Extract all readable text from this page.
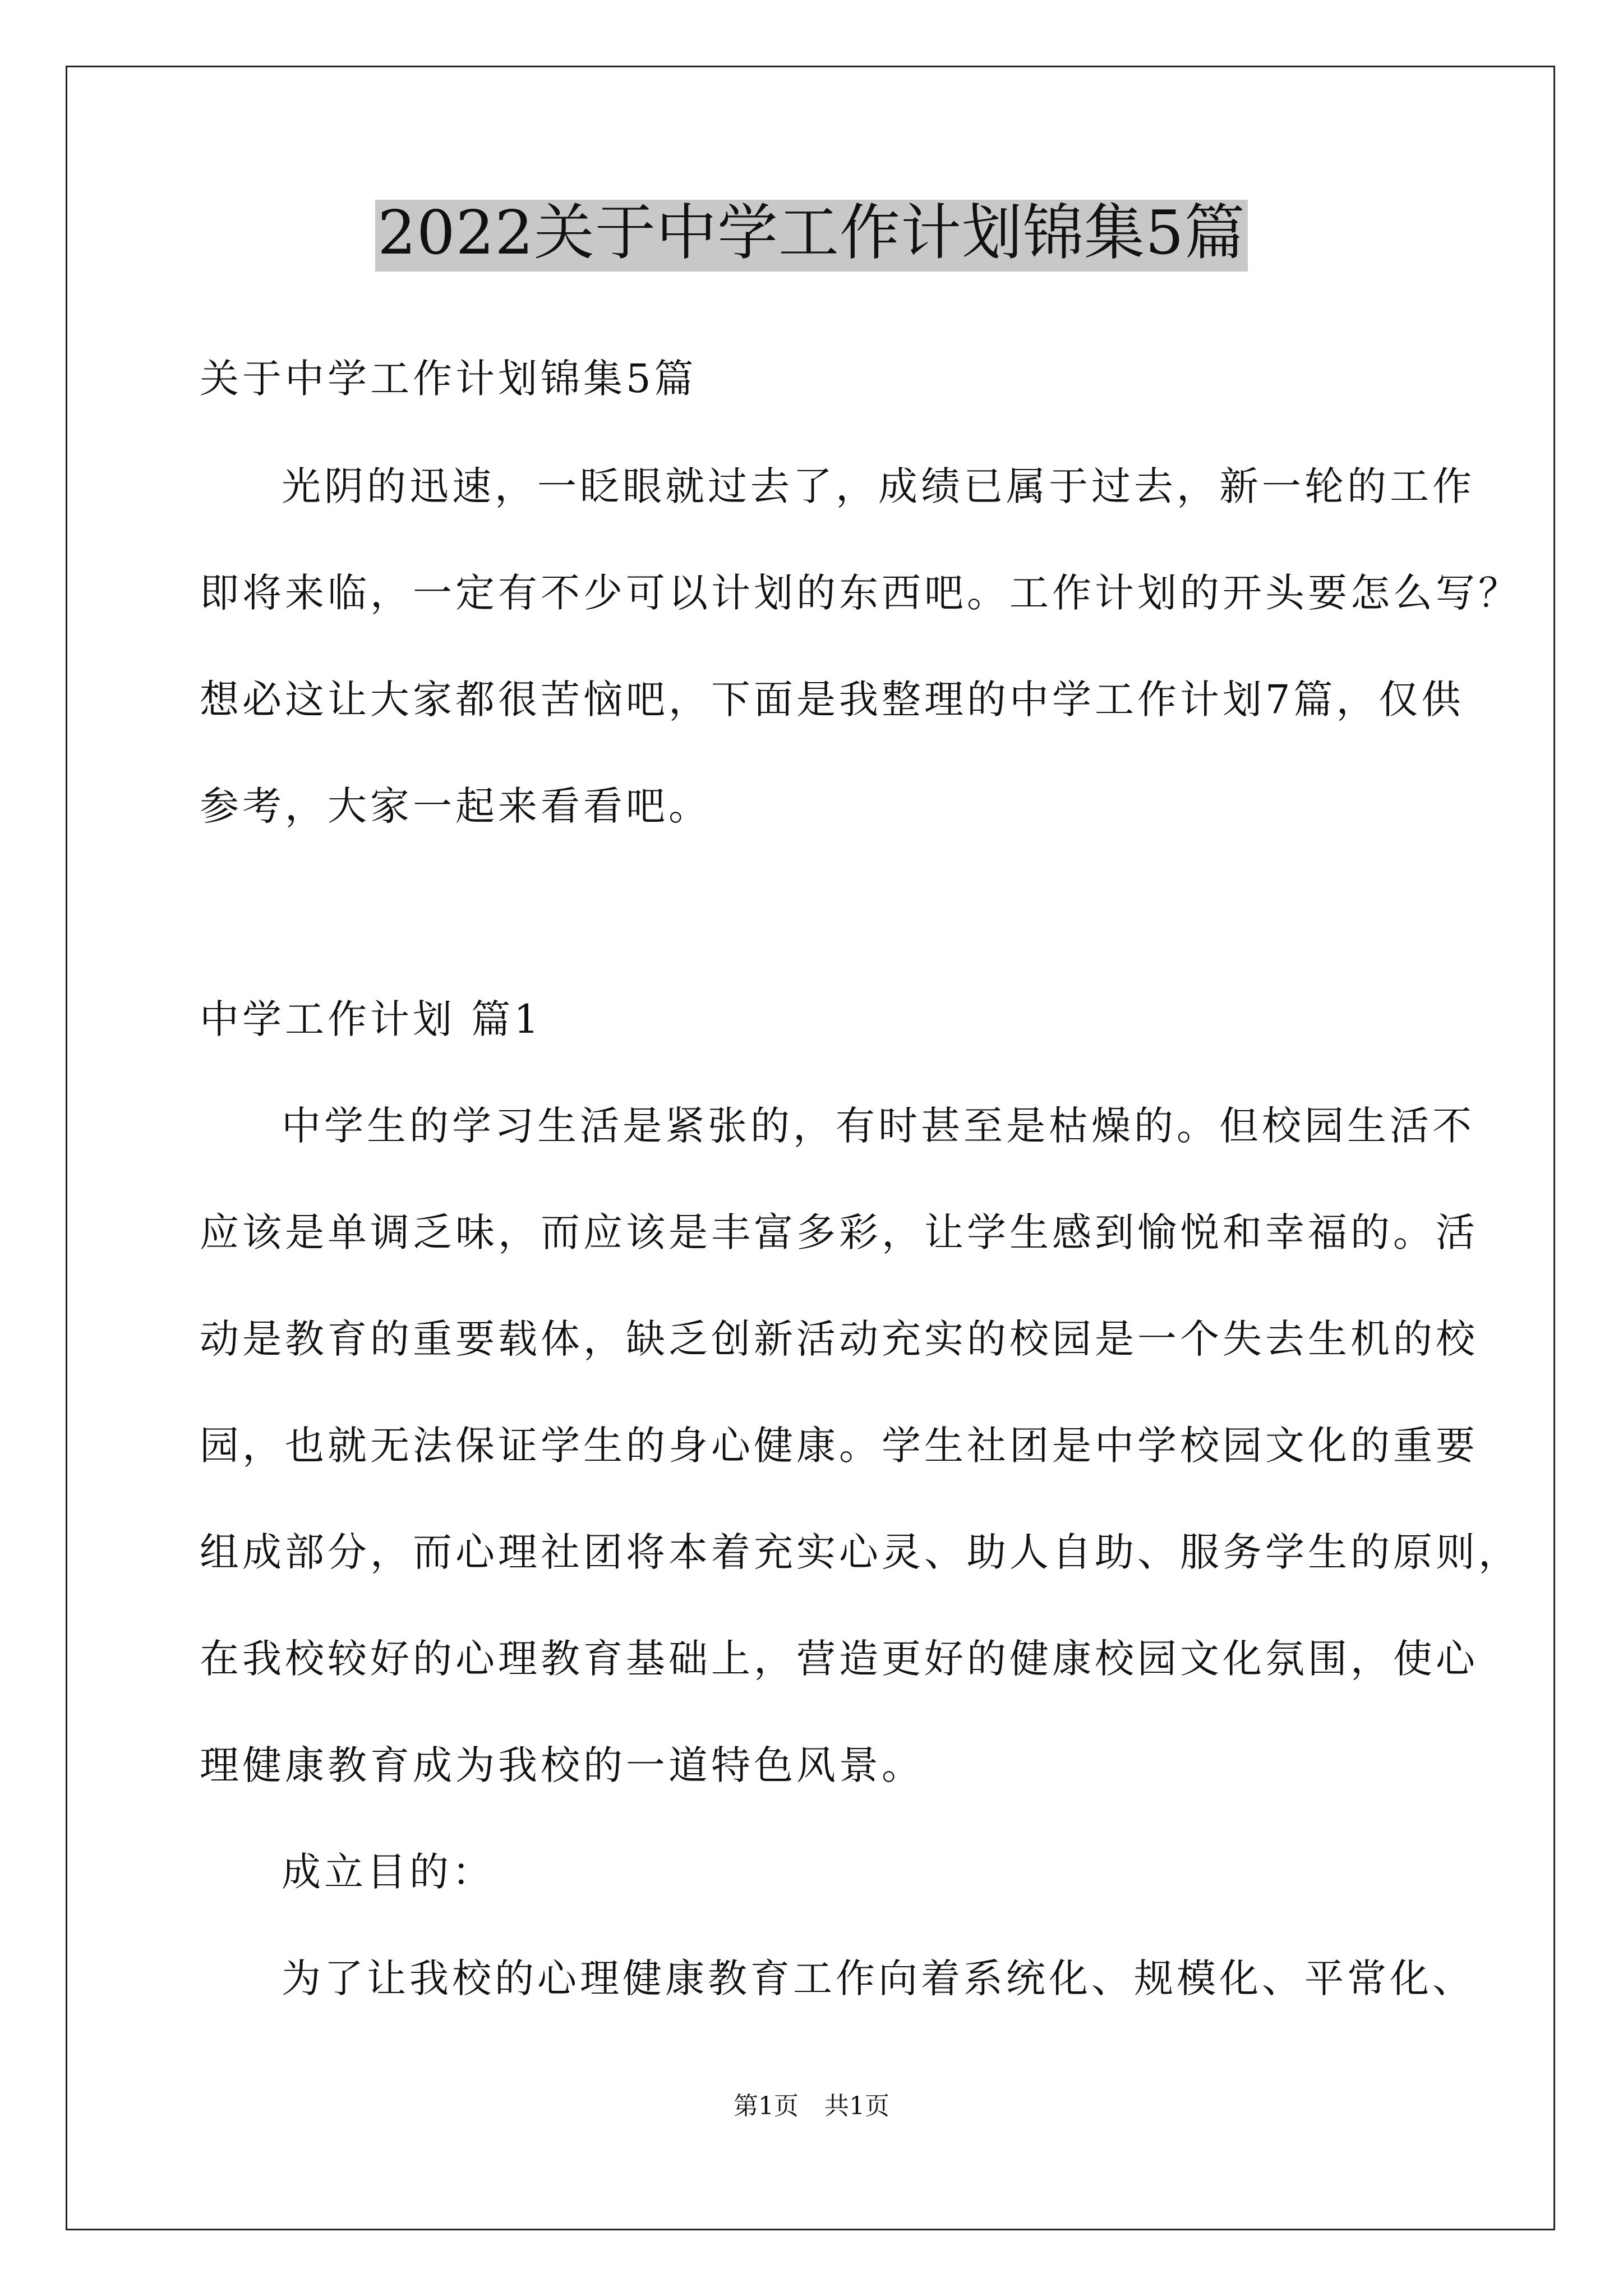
2022关于中学工作计划锦集5篇
关于中学工作计划锦集5篇
光阴的迅速，一眨眼就过去了，成绩已属于过去，新一轮的工作
即将来临，一定有不少可以计划的东西吧。工作计划的开头要怎么写？
想必这让大家都很苦恼吧，下面是我整理的中学工作计划7篇，仅供
参考，大家一起来看看吧。
中学工作计划 篇1
中学生的学习生活是紧张的，有时甚至是枯燥的。但校园生活不
应该是单调乏味，而应该是丰富多彩，让学生感到愉悦和幸福的。活
动是教育的重要载体，缺乏创新活动充实的校园是一个失去生机的校
园，也就无法保证学生的身心健康。学生社团是中学校园文化的重要
组成部分，而心理社团将本着充实心灵、助人自助、服务学生的原则，
在我校较好的心理教育基础上，营造更好的健康校园文化氛围，使心
理健康教育成为我校的一道特色风景。
成立目的：
为了让我校的心理健康教育工作向着系统化、规模化、平常化、
第1页 共1页
